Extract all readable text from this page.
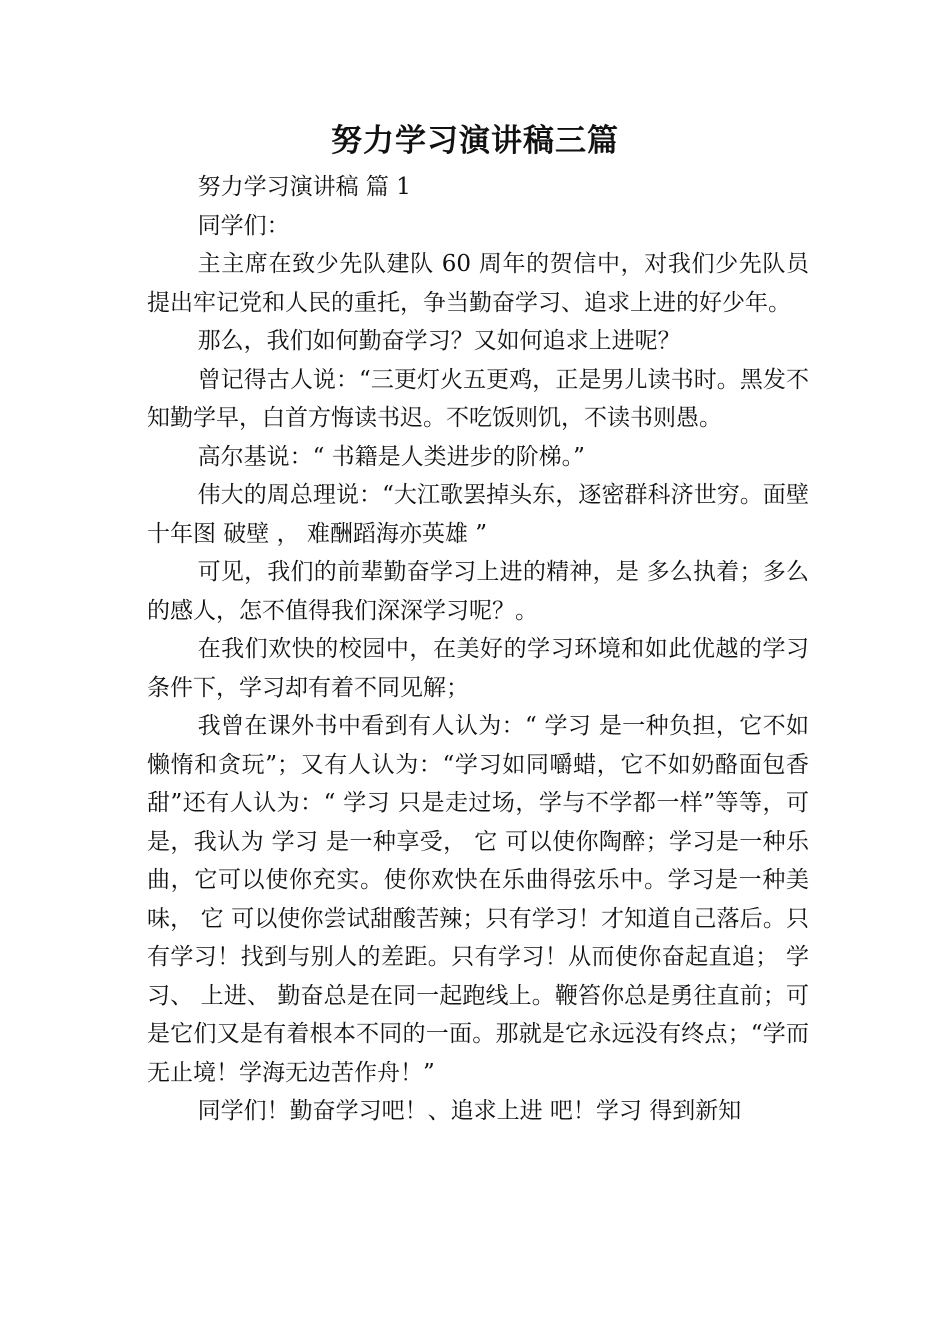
努力学习演讲稿三篇

努力学习演讲稿 篇 1

同学们：

主主席在致少先队建队 60 周年的贺信中，对我们少先队员提出牢记党和人民的重托，争当勤奋学习、追求上进的好少年。

那么，我们如何勤奋学习？又如何追求上进呢？

曾记得古人说：“三更灯火五更鸡，正是男儿读书时。黑发不知勤学早，白首方悔读书迟。不吃饭则饥，不读书则愚。

高尔基说：“ 书籍是人类进步的阶梯。”

伟大的周总理说：“大江歌罢掉头东，逐密群科济世穷。面壁十年图 破壁 ， 难酬蹈海亦英雄 ”

可见，我们的前辈勤奋学习上进的精神，是 多么执着；多么的感人，怎不值得我们深深学习呢？。

在我们欢快的校园中，在美好的学习环境和如此优越的学习条件下，学习却有着不同见解；

我曾在课外书中看到有人认为：“ 学习 是一种负担，它不如懒惰和贪玩”；又有人认为：“学习如同嚼蜡，它不如奶酪面包香甜”还有人认为：“ 学习 只是走过场，学与不学都一样”等等，可是，我认为 学习 是一种享受， 它 可以使你陶醉；学习是一种乐曲，它可以使你充实。使你欢快在乐曲得弦乐中。学习是一种美味， 它 可以使你尝试甜酸苦辣；只有学习！才知道自己落后。只有学习！找到与别人的差距。只有学习！从而使你奋起直追； 学习、 上进、 勤奋总是在同一起跑线上。鞭笞你总是勇往直前；可是它们又是有着根本不同的一面。那就是它永远没有终点；“学而无止境！学海无边苦作舟！”

同学们！勤奋学习吧！、追求上进 吧！学习 得到新知
